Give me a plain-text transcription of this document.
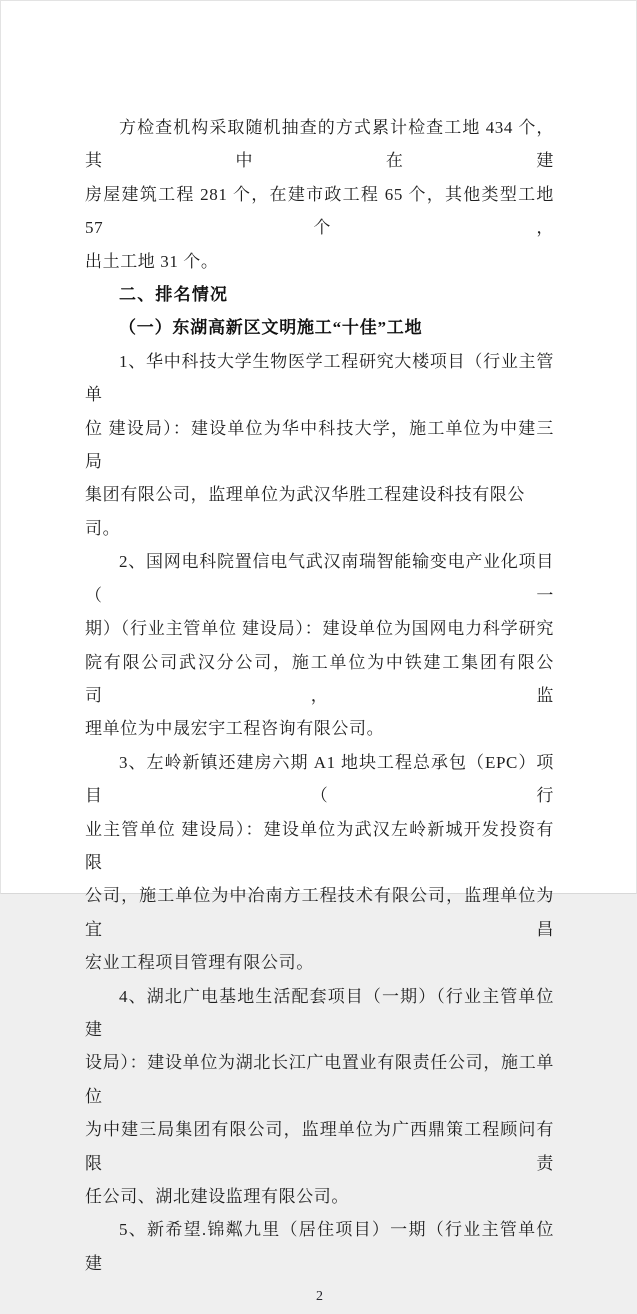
方检查机构采取随机抽查的方式累计检查工地 434 个，其中在建
房屋建筑工程 281 个，在建市政工程 65 个，其他类型工地 57 个，
出土工地 31 个。
二、排名情况
（一）东湖高新区文明施工“十佳”工地
1、华中科技大学生物医学工程研究大楼项目（行业主管单
位 建设局）：建设单位为华中科技大学，施工单位为中建三局
集团有限公司，监理单位为武汉华胜工程建设科技有限公司。
2、国网电科院置信电气武汉南瑞智能输变电产业化项目（一
期）（行业主管单位 建设局）：建设单位为国网电力科学研究
院有限公司武汉分公司，施工单位为中铁建工集团有限公司，监
理单位为中晟宏宇工程咨询有限公司。
3、左岭新镇还建房六期 A1 地块工程总承包（EPC）项目（行
业主管单位 建设局）：建设单位为武汉左岭新城开发投资有限
公司，施工单位为中冶南方工程技术有限公司，监理单位为宜昌
宏业工程项目管理有限公司。
4、湖北广电基地生活配套项目（一期）（行业主管单位 建
设局）：建设单位为湖北长江广电置业有限责任公司，施工单位
为中建三局集团有限公司，监理单位为广西鼎策工程顾问有限责
任公司、湖北建设监理有限公司。
5、新希望.锦粼九里（居住项目）一期（行业主管单位 建
2
